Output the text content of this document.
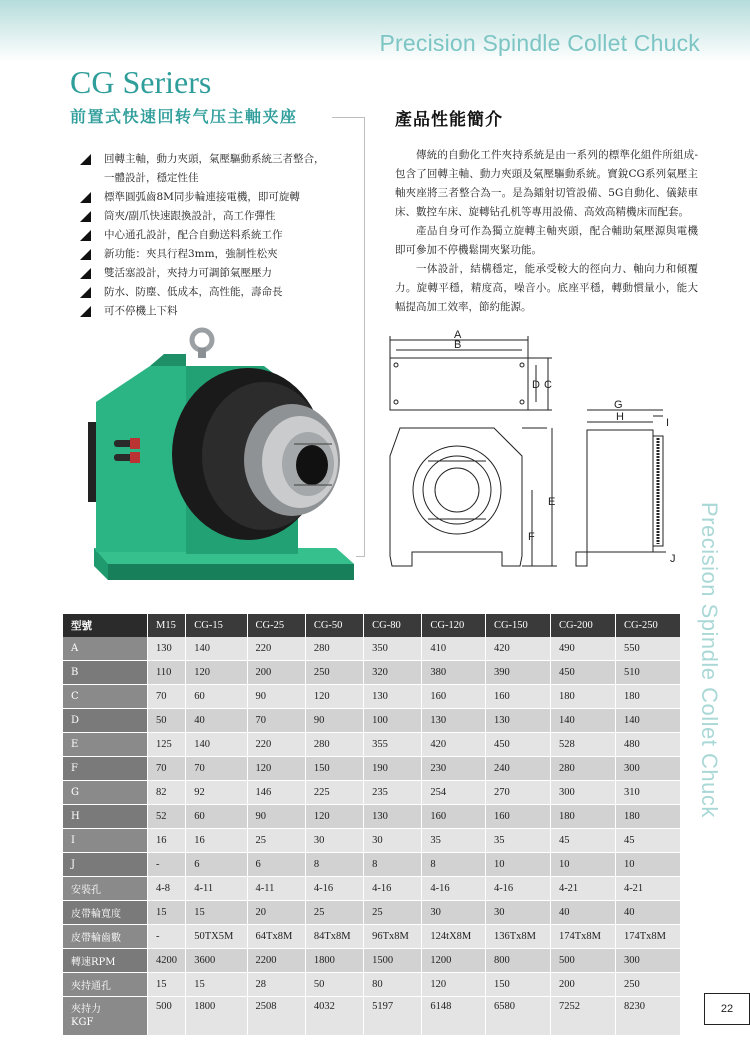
Precision Spindle Collet Chuck
CG Seriers
前置式快速回转气压主軸夹座
回轉主軸，動力夾頭，氣壓驅動系統三者整合，
一體設計，穩定性佳
標準圓弧齒8M同步輪連接電機，即可旋轉
筒夾/副爪快速跟換設計，高工作彈性
中心通孔設計，配合自動送料系統工作
新功能：夾具行程3mm，強制性松夾
雙活塞設計，夾持力可調節氣壓壓力
防水、防塵、低成本，高性能，壽命長
可不停機上下料
產品性能簡介

傳統的自動化工件夾持系統是由一系列的標準化組件所組成-包含了回轉主軸、動力夾頭及氣壓驅動系統。寶銳CG系列氣壓主軸夾座將三者整合為一。是為鐳射切管設備、5G自動化、儀錶車床、數控车床、旋轉钻孔机等專用設備、高效高精機床而配套。

產品自身可作為獨立旋轉主軸夾頭，配合輔助氣壓源與電機即可參加不停機鬆開夾緊功能。

一体設計，結構穩定，能承受較大的徑向力、軸向力和傾覆力。旋轉平穩，精度高，噪音小。底座平穩，轉動慣量小，能大幅提高加工效率，節約能源。

A
B
D C
F
E
G
H	I
J Precision Spindle Collet Chuck
型號	M15	CG-15	CG-25	CG-50	CG-80	CG-120	CG-150	CG-200	CG-250
A	130	140	220	280	350	410	420	490	550
B	110	120	200	250	320	380	390	450	510
C	70	60	90	120	130	160	160	180	180
D	50	40	70	90	100	130	130	140	140
E	125	140	220	280	355	420	450	528	480
F	70	70	120	150	190	230	240	280	300
G	82	92	146	225	235	254	270	300	310
H	52	60	90	120	130	160	160	180	180
I	16	16	25	30	30	35	35	45	45
J	-	6	6	8	8	8	10	10	10
安裝孔	4-8	4-11	4-11	4-16	4-16	4-16	4-16	4-21	4-21
皮帶輪寬度	15	15	20	25	25	30	30	40	40
皮帶輪齒數	-	50TX5M	64Tx8M	84Tx8M	96Tx8M	124tX8M	136Tx8M	174Tx8M	174Tx8M
轉速RPM	4200	3600	2200	1800	1500	1200	800	500	300
夾持通孔	15	15	28	50	80	120	150	200	250

夾持力
KGF	500	1800	2508	4032	5197	6148	6580	7252	8230	22
